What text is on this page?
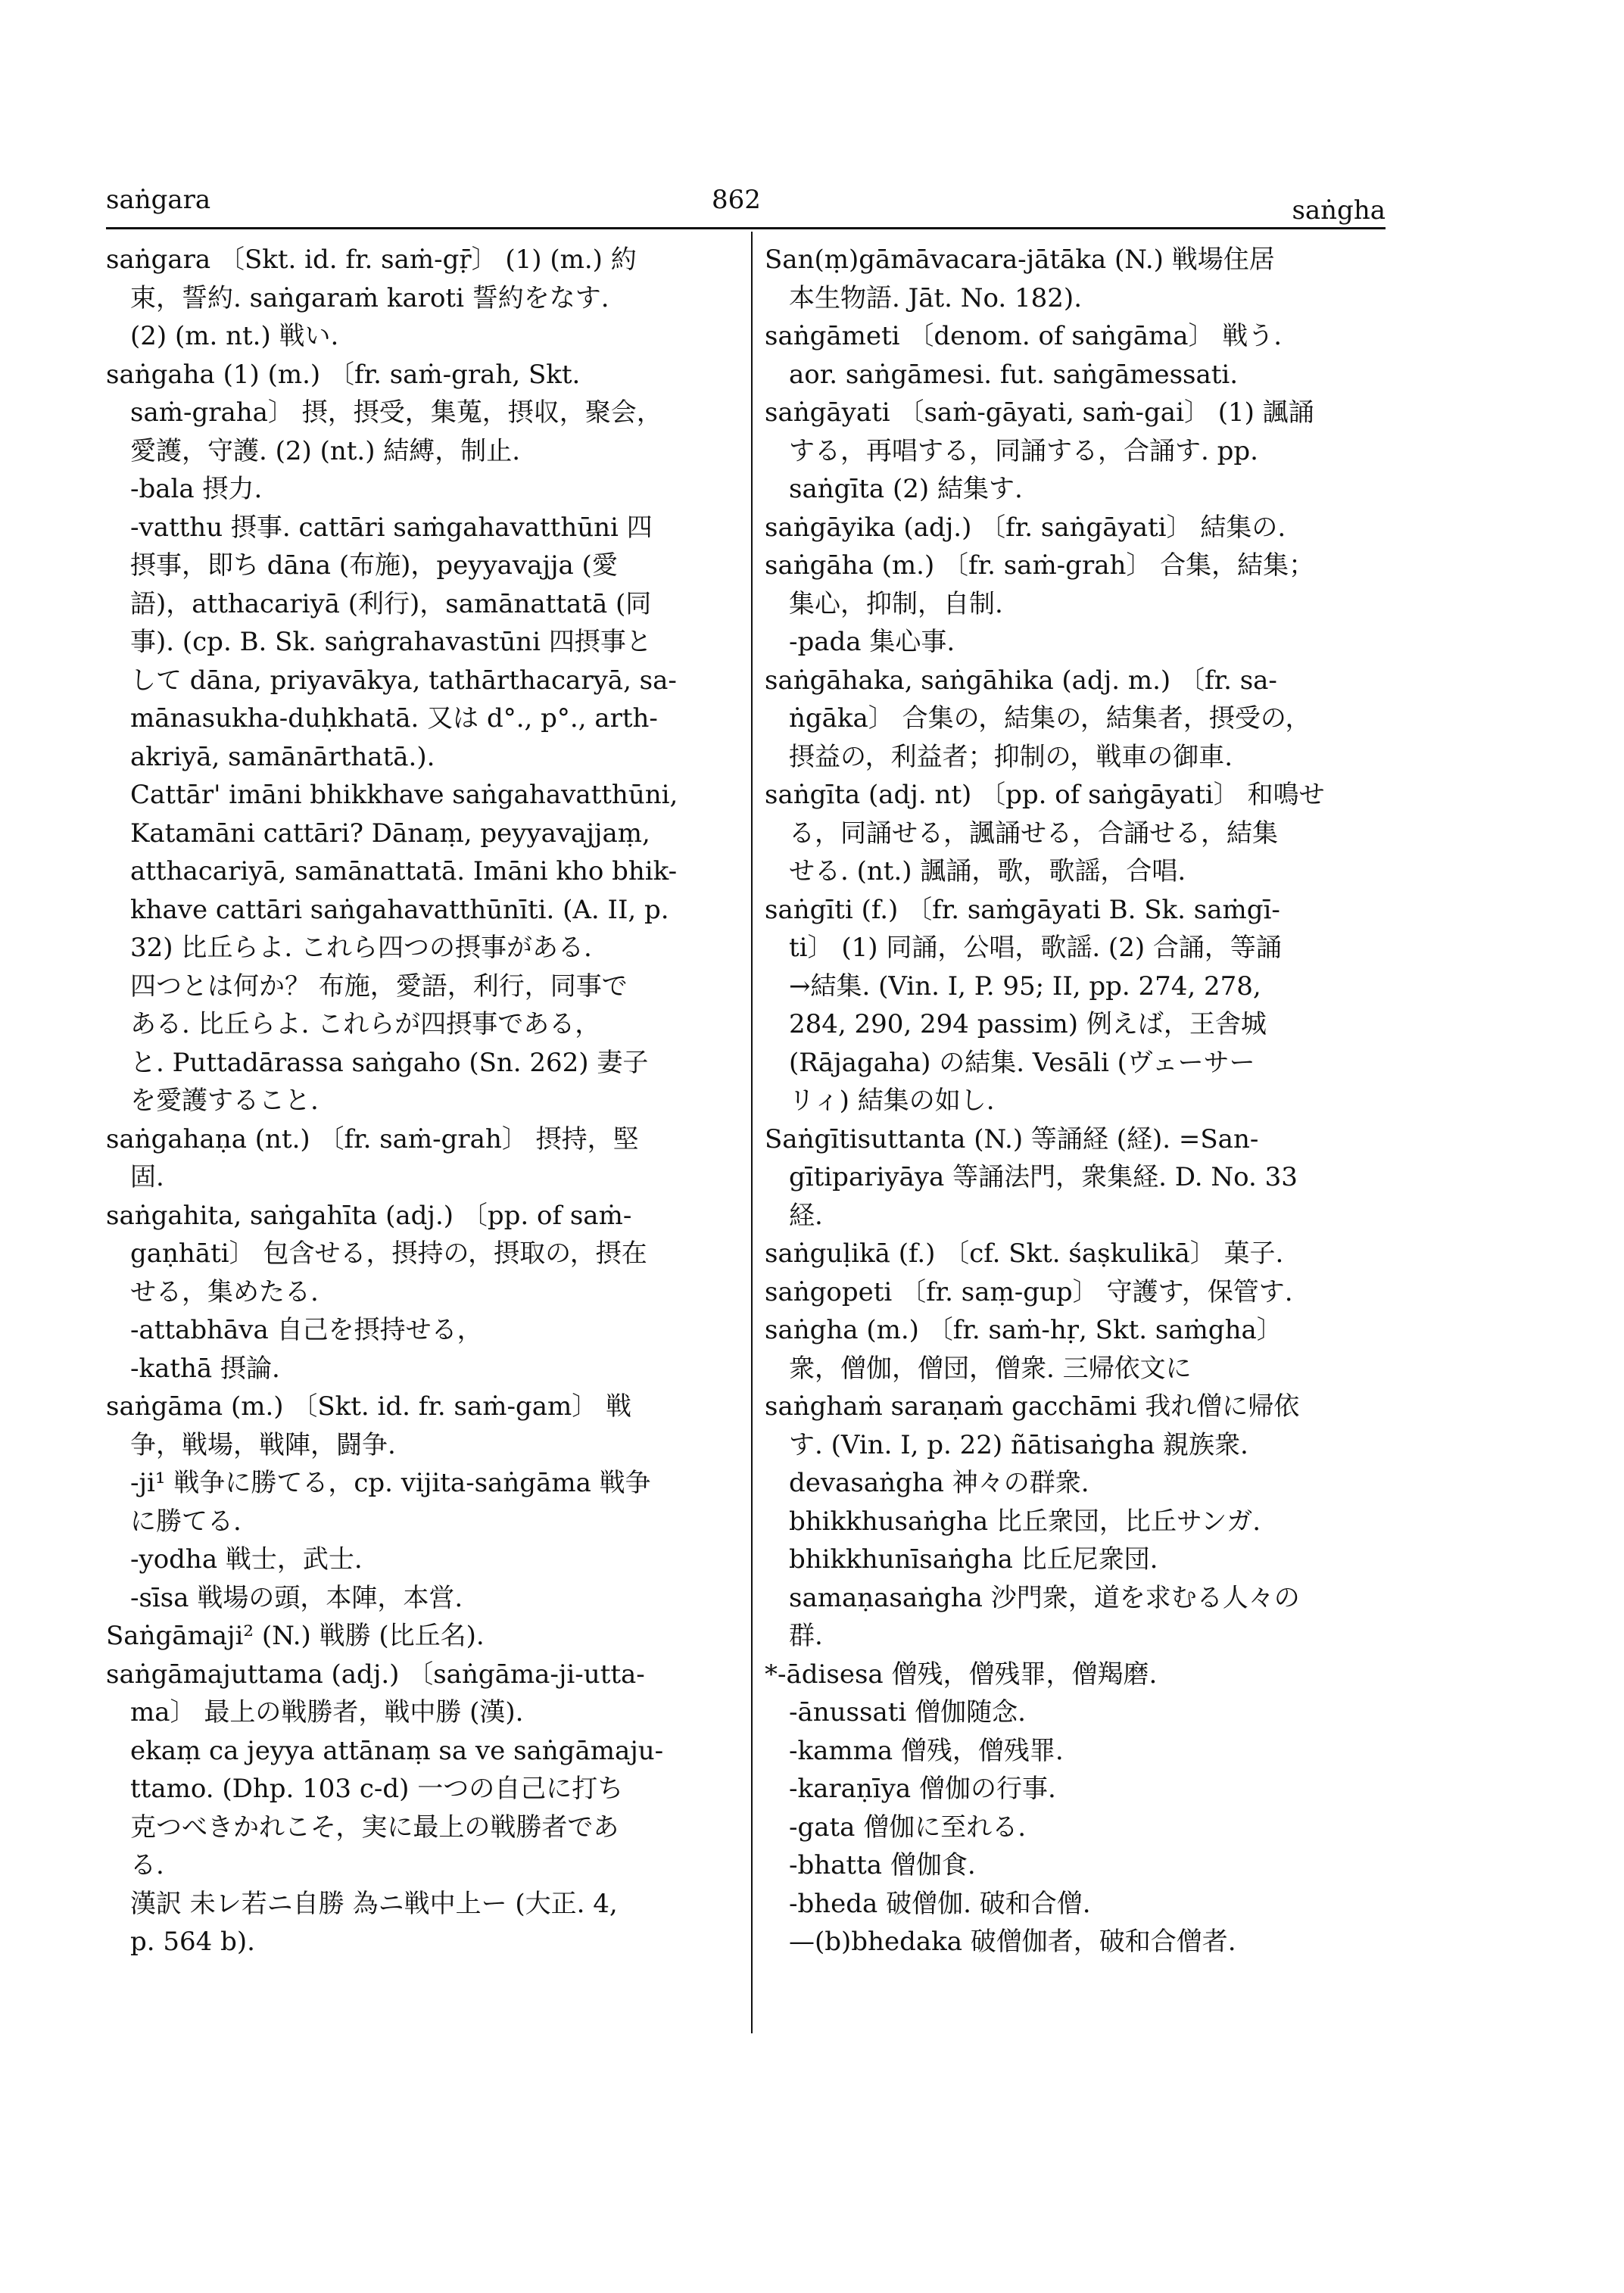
saṅgara	862	saṅgha
saṅgara 〔Skt. id. fr. saṁ-gṝ〕 (1) (m.) 約
束，誓約. saṅgaraṁ karoti 誓約をなす.
(2) (m. nt.) 戦い.
saṅgaha (1) (m.) 〔fr. saṁ-grah, Skt.
saṁ-graha〕 摂，摂受，集蒐，摂収，聚会，
愛護，守護. (2) (nt.) 結縛，制止.
-bala 摂力.
-vatthu 摂事. cattāri saṁgahavatthūni 四
摂事，即ち dāna (布施)，peyyavajja (愛
語)，atthacariyā (利行)，samānattatā (同
事). (cp. B. Sk. saṅgrahavastūni 四摂事と
して dāna, priyavākya, tathārthacaryā, sa-
mānasukha-duḥkhatā. 又は d°., p°., arth-
akriyā, samānārthatā.).
Cattār' imāni bhikkhave saṅgahavatthūni,
Katamāni cattāri? Dānaṃ, peyyavajjaṃ,
atthacariyā, samānattatā. Imāni kho bhik-
khave cattāri saṅgahavatthūnīti. (A. II, p.
32) 比丘らよ. これら四つの摂事がある.
四つとは何か？ 布施，愛語，利行，同事で
ある. 比丘らよ. これらが四摂事である，
と. Puttadārassa saṅgaho (Sn. 262) 妻子
を愛護すること.
saṅgahaṇa (nt.) 〔fr. saṁ-grah〕 摂持，堅
固.
saṅgahita, saṅgahīta (adj.) 〔pp. of saṁ-
gaṇhāti〕 包含せる，摂持の，摂取の，摂在
せる，集めたる.
-attabhāva 自己を摂持せる，
-kathā 摂論.
saṅgāma (m.) 〔Skt. id. fr. saṁ-gam〕 戦
争，戦場，戦陣，闘争.
-ji¹ 戦争に勝てる，cp. vijita-saṅgāma 戦争
に勝てる.
-yodha 戦士，武士.
-sīsa 戦場の頭，本陣，本営.
Saṅgāmaji² (N.) 戦勝 (比丘名).
saṅgāmajuttama (adj.) 〔saṅgāma-ji-utta-
ma〕 最上の戦勝者，戦中勝 (漢).
ekaṃ ca jeyya attānaṃ sa ve saṅgāmaju-
ttamo. (Dhp. 103 c-d) 一つの自己に打ち
克つべきかれこそ，実に最上の戦勝者であ
る.
漢訳 未レ若ニ自勝 為ニ戦中上ー (大正. 4,
p. 564 b).
San(ṃ)gāmāvacara-jātāka (N.) 戦場住居
本生物語. Jāt. No. 182).
saṅgāmeti 〔denom. of saṅgāma〕 戦う.
aor. saṅgāmesi. fut. saṅgāmessati.
saṅgāyati 〔saṁ-gāyati, saṁ-gai〕 (1) 諷誦
する，再唱する，同誦する，合誦す. pp.
saṅgīta (2) 結集す.
saṅgāyika (adj.) 〔fr. saṅgāyati〕 結集の.
saṅgāha (m.) 〔fr. saṁ-grah〕 合集，結集；
集心，抑制，自制.
-pada 集心事.
saṅgāhaka, saṅgāhika (adj. m.) 〔fr. sa-
ṅgāka〕 合集の，結集の，結集者，摂受の，
摂益の，利益者；抑制の，戦車の御車.
saṅgīta (adj. nt) 〔pp. of saṅgāyati〕 和鳴せ
る，同誦せる，諷誦せる，合誦せる，結集
せる. (nt.) 諷誦，歌，歌謡，合唱.
saṅgīti (f.) 〔fr. saṁgāyati B. Sk. saṁgī-
ti〕 (1) 同誦，公唱，歌謡. (2) 合誦，等誦
→結集. (Vin. I, P. 95; II, pp. 274, 278,
284, 290, 294 passim) 例えば，王舎城
(Rājagaha) の結集. Vesāli (ヴェーサー
リィ) 結集の如し.
Saṅgītisuttanta (N.) 等誦経 (経). =San-
gītipariyāya 等誦法門，衆集経. D. No. 33
経.
saṅguḷikā (f.) 〔cf. Skt. śaṣkulikā〕 菓子.
saṅgopeti 〔fr. saṃ-gup〕 守護す，保管す.
saṅgha (m.) 〔fr. saṁ-hṛ, Skt. saṁgha〕
衆，僧伽，僧団，僧衆. 三帰依文に
saṅghaṁ saraṇaṁ gacchāmi 我れ僧に帰依
す. (Vin. I, p. 22) ñātisaṅgha 親族衆.
devasaṅgha 神々の群衆.
bhikkhusaṅgha 比丘衆団，比丘サンガ.
bhikkhunīsaṅgha 比丘尼衆団.
samaṇasaṅgha 沙門衆，道を求むる人々の
群.
*-ādisesa 僧残，僧残罪，僧羯磨.
-ānussati 僧伽随念.
-kamma 僧残，僧残罪.
-karaṇīya 僧伽の行事.
-gata 僧伽に至れる.
-bhatta 僧伽食.
-bheda 破僧伽. 破和合僧.
—(b)bhedaka 破僧伽者，破和合僧者.
